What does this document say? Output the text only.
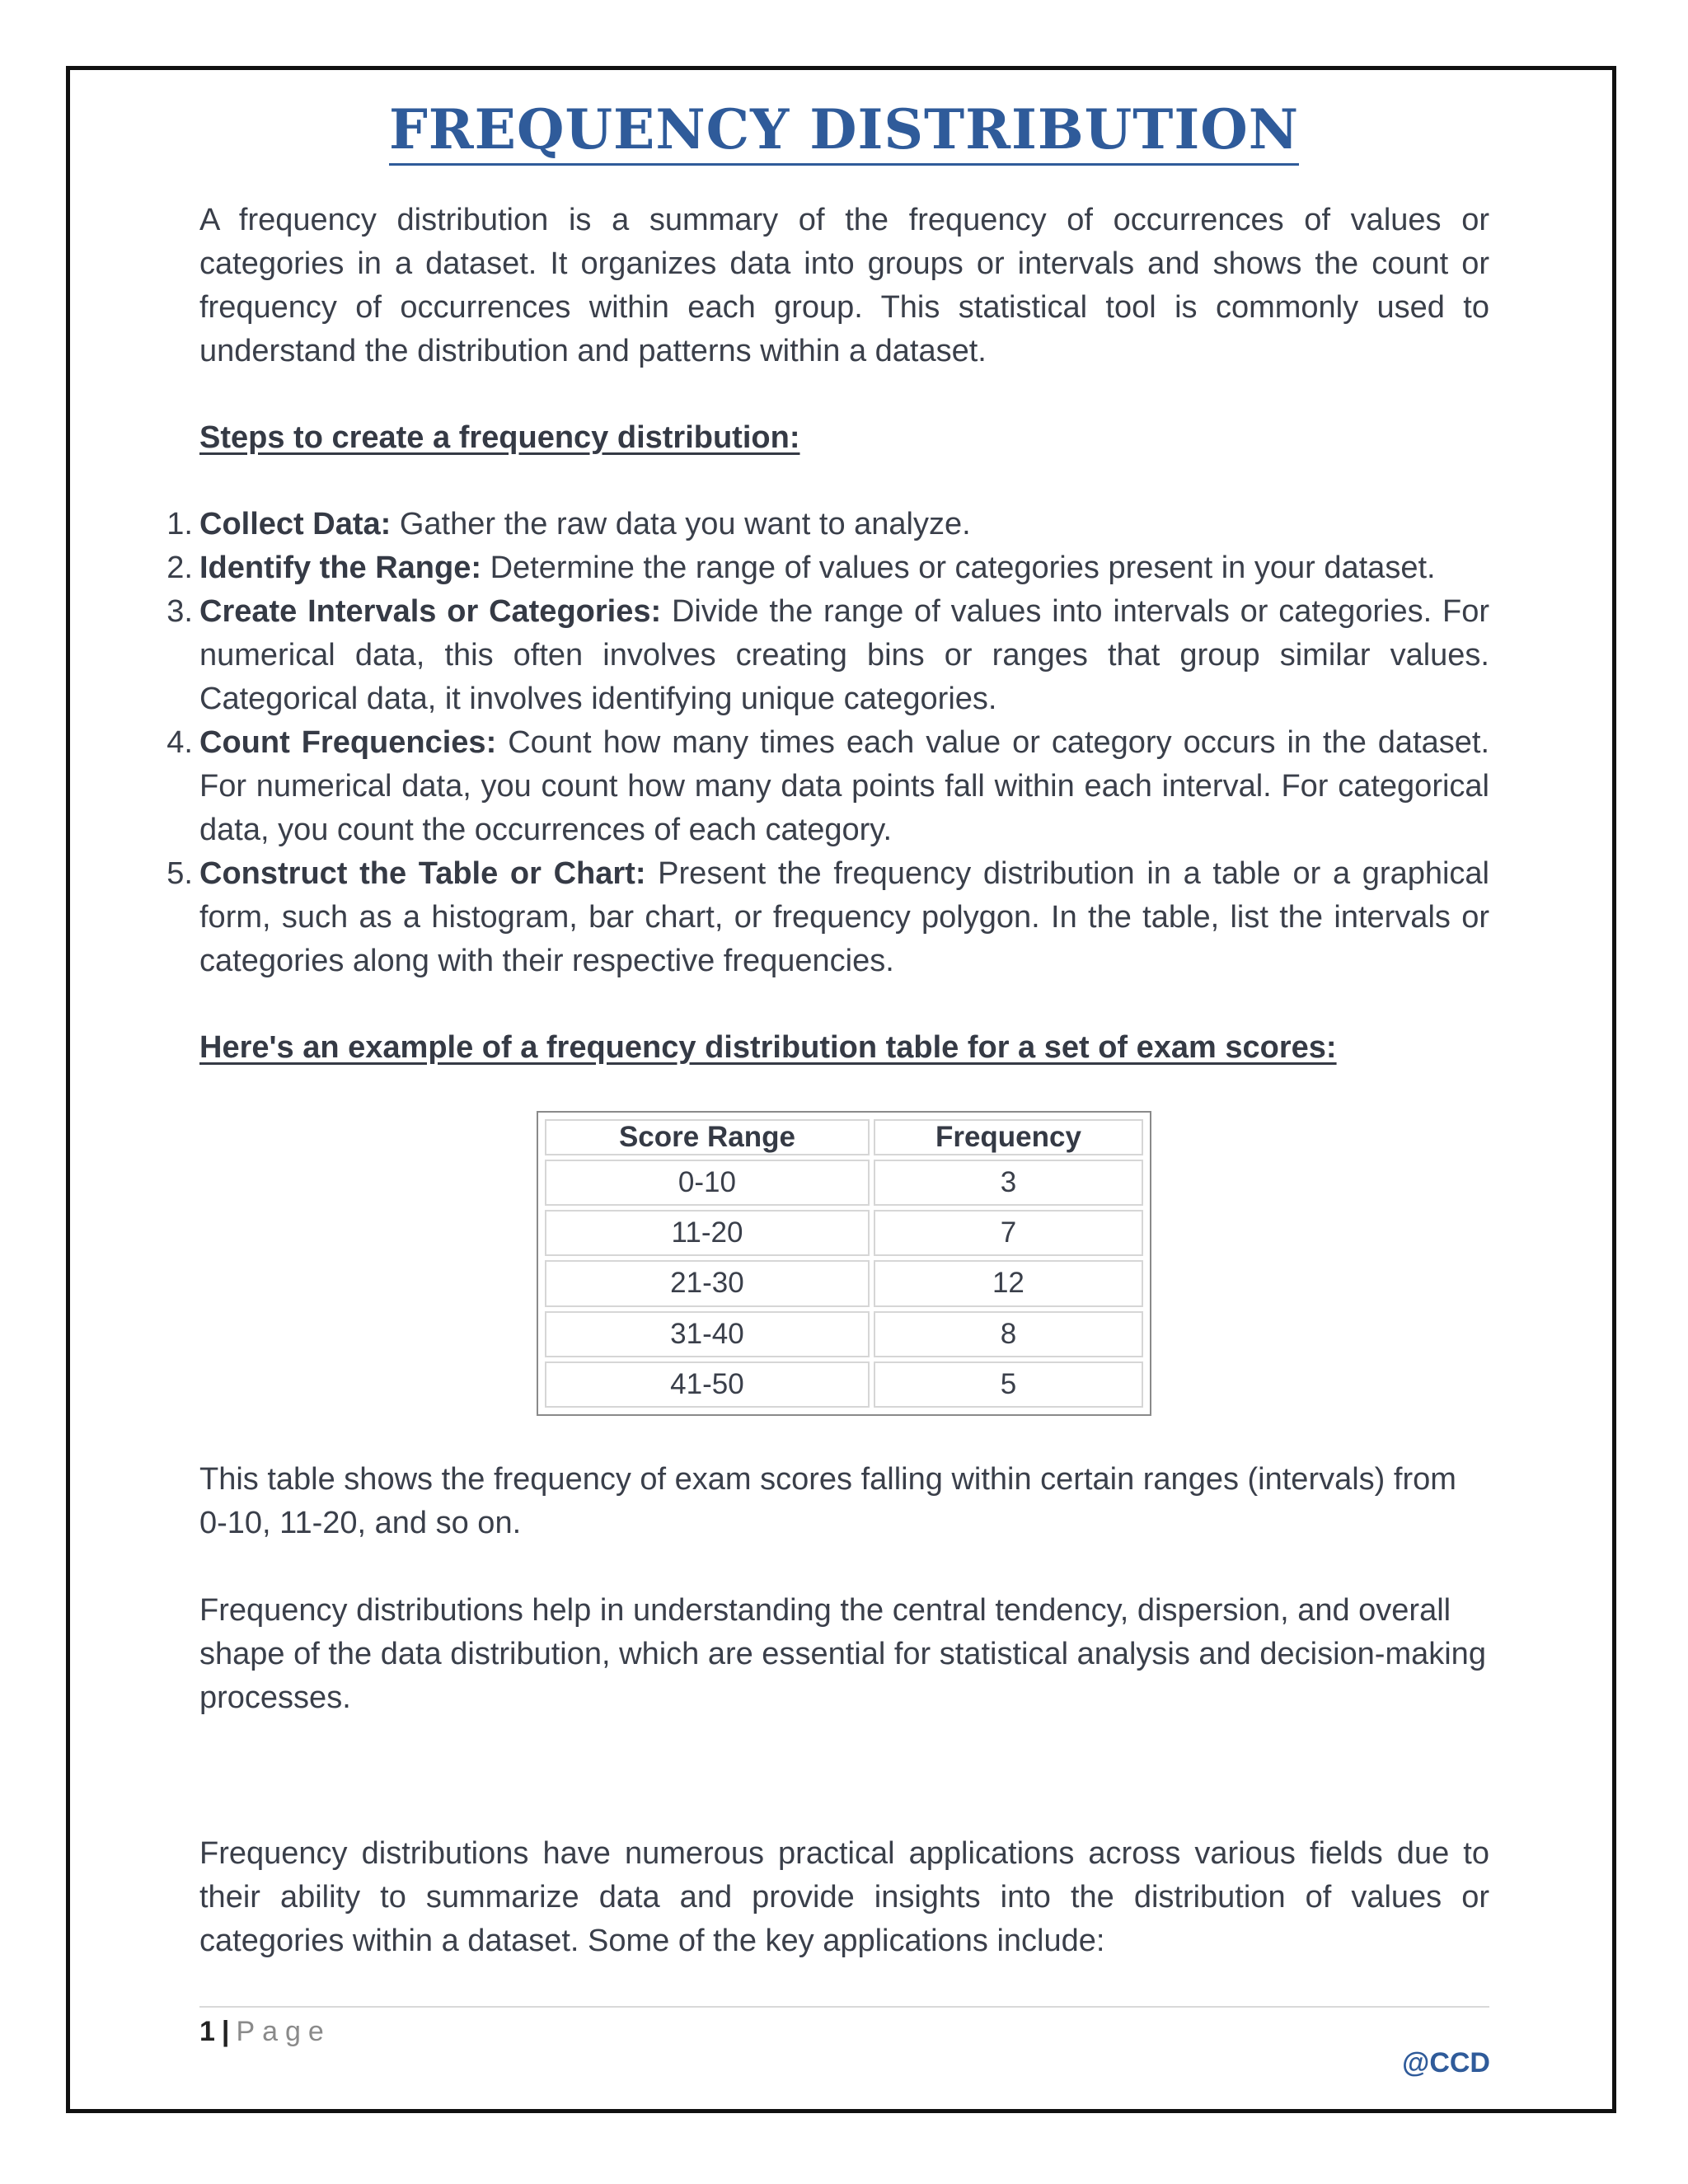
FREQUENCY DISTRIBUTION
A frequency distribution is a summary of the frequency of occurrences of values or categories in a dataset. It organizes data into groups or intervals and shows the count or frequency of occurrences within each group. This statistical tool is commonly used to understand the distribution and patterns within a dataset.
Steps to create a frequency distribution:
1. Collect Data: Gather the raw data you want to analyze.
2. Identify the Range: Determine the range of values or categories present in your dataset.
3. Create Intervals or Categories: Divide the range of values into intervals or categories. For numerical data, this often involves creating bins or ranges that group similar values. Categorical data, it involves identifying unique categories.
4. Count Frequencies: Count how many times each value or category occurs in the dataset. For numerical data, you count how many data points fall within each interval. For categorical data, you count the occurrences of each category.
5. Construct the Table or Chart: Present the frequency distribution in a table or a graphical form, such as a histogram, bar chart, or frequency polygon. In the table, list the intervals or categories along with their respective frequencies.
Here's an example of a frequency distribution table for a set of exam scores:
Score Range	Frequency
0-10	3
11-20	7
21-30	12
31-40	8
41-50	5
This table shows the frequency of exam scores falling within certain ranges (intervals) from 0-10, 11-20, and so on.
Frequency distributions help in understanding the central tendency, dispersion, and overall shape of the data distribution, which are essential for statistical analysis and decision-making processes.
Frequency distributions have numerous practical applications across various fields due to their ability to summarize data and provide insights into the distribution of values or categories within a dataset. Some of the key applications include:
1 | Page
@CCD
